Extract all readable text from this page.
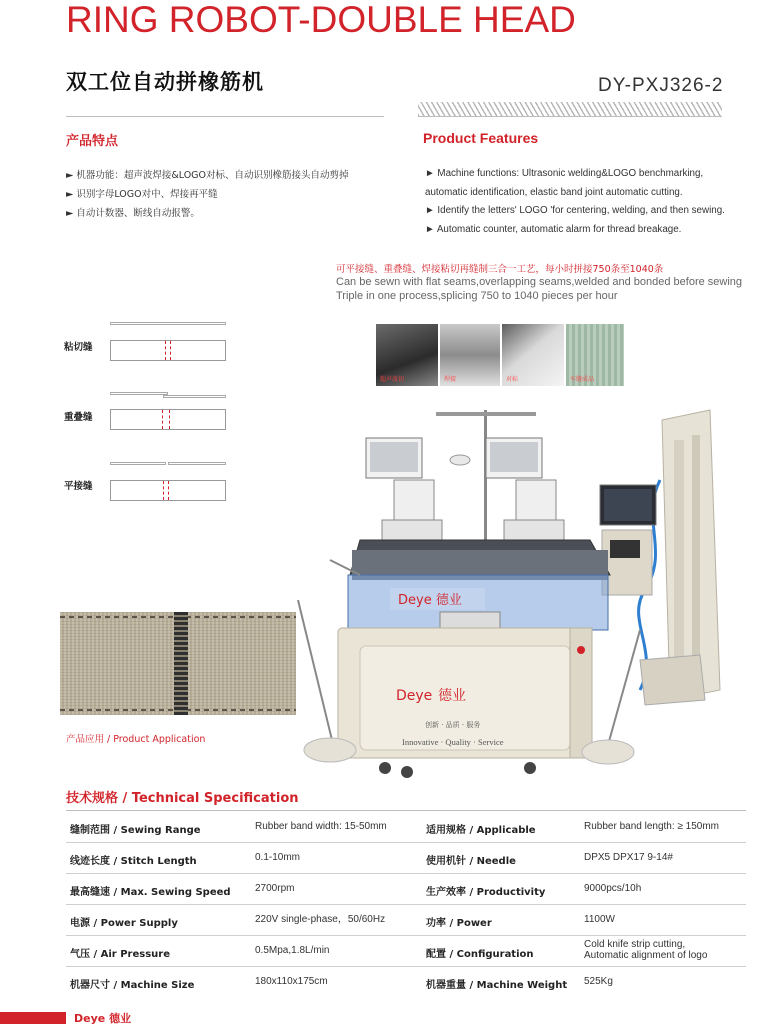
RING ROBOT-DOUBLE HEAD
双工位自动拼橡筋机	DY-PXJ326-2
产品特点	Product Features
► 机器功能：超声波焊接&LOGO对标、自动识别橡筋接头自动剪掉
► 识别字母LOGO对中、焊接再平缝
► 自动计数器、断线自动报警。
► Machine functions: Ultrasonic welding&LOGO benchmarking,
automatic identification, elastic band joint automatic cutting.
► Identify the letters' LOGO 'for centering, welding, and then sewing.
► Automatic counter, automatic alarm for thread breakage.
可平接缝、重叠缝、焊接粘切再缝制三合一工艺，每小时拼接750条至1040条
Can be sewn with flat seams,overlapping seams,welded and bonded before sewing
Triple in one process,splicing 750 to 1040 pieces per hour
粘切缝
重叠缝
平接缝
产品应用 / Product Application
超声波切	焊接	对标	车缝成品
Deye 德业
Deye 德业
创新 · 品质 · 服务
Innovative · Quality · Service
技术规格 / Technical Specification
缝制范围 / Sewing Range	Rubber band width: 15-50mm	适用规格 / Applicable	Rubber band length: ≥ 150mm
线迹长度 / Stitch Length	0.1-10mm	使用机针 / Needle	DPX5 DPX17 9-14#
最高缝速 / Max. Sewing Speed 2700rpm	生产效率 / Productivity	9000pcs/10h
电源 / Power Supply	220V single-phase，50/60Hz	功率 / Power	1100W
气压 / Air Pressure	0.5Mpa,1.8L/min	配置 / Configuration
Cold knife strip cutting,
Automatic alignment of logo
机器尺寸 / Machine Size	180x110x175cm	机器重量 / Machine Weight 525Kg
Deye 德业
